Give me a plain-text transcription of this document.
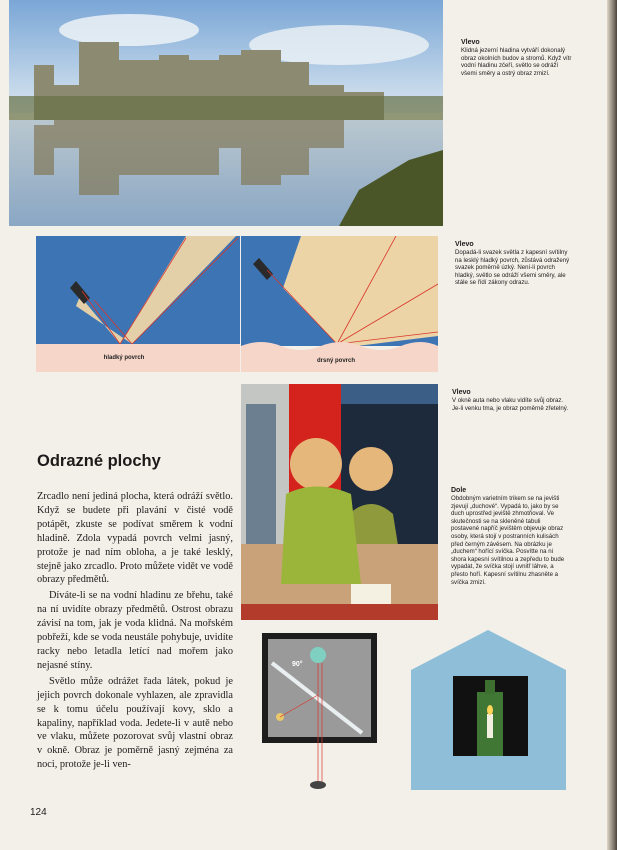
Vlevo

Klidná jezerní hladina vytváří dokonalý obraz okolních budov a stromů. Když vítr vodní hladinu zčeří, světlo se odráží všemi směry a ostrý obraz zmizí.

hladký povrch	drsný povrch
Vlevo

Dopadá-li svazek světla z kapesní svítilny na lesklý hladký povrch, zůstává odražený svazek poměrně úzký. Není-li povrch hladký, světlo se odráží všemi směry, ale stále se řídí zákony odrazu.

Vlevo

V okně auta nebo vlaku vidíte svůj obraz. Je-li venku tma, je obraz poměrně zřetelný.

Dole

Obdobným varietním trikem se na jevišti zjevují „duchové“. Vypadá to, jako by se duch uprostřed jeviště zhmotňoval. Ve skutečnosti se na skleněné tabuli postavené napříč jevištěm objevuje obraz osoby, která stojí v postranních kulisách před černým závěsem. Na obrázku je „duchem“ hořící svíčka. Posvítte na ni shora kapesní svítilnou a zepředu to bude vypadat, že svíčka stojí uvnitř láhve, a přesto hoří. Kapesní svítilnu zhasněte a svíčka zmizí.

90°
Odrazné plochy

Zrcadlo není jediná plocha, která odráží světlo. Když se budete při plavání v čisté vodě potápět, zkuste se podívat směrem k vodní hladině. Zdola vypadá povrch velmi jasný, protože je nad ním obloha, a je také lesklý, stejně jako zrcadlo. Proto můžete vidět ve vodě obrazy předmětů.

Díváte-li se na vodní hladinu ze břehu, také na ní uvidíte obrazy předmětů. Ostrost obrazu závisí na tom, jak je voda klidná. Na mořském pobřeží, kde se voda neustále pohybuje, uvidíte racky nebo letadla letící nad mořem jako nejasné stíny.

Světlo může odrážet řada látek, pokud je jejich povrch dokonale vyhlazen, ale zpravidla se k tomu účelu používají kovy, sklo a kapaliny, například voda. Jedete-li v autě nebo ve vlaku, můžete pozorovat svůj vlastní obraz v okně. Obraz je poměrně jasný zejména za noci, protože je-li ven-

124
